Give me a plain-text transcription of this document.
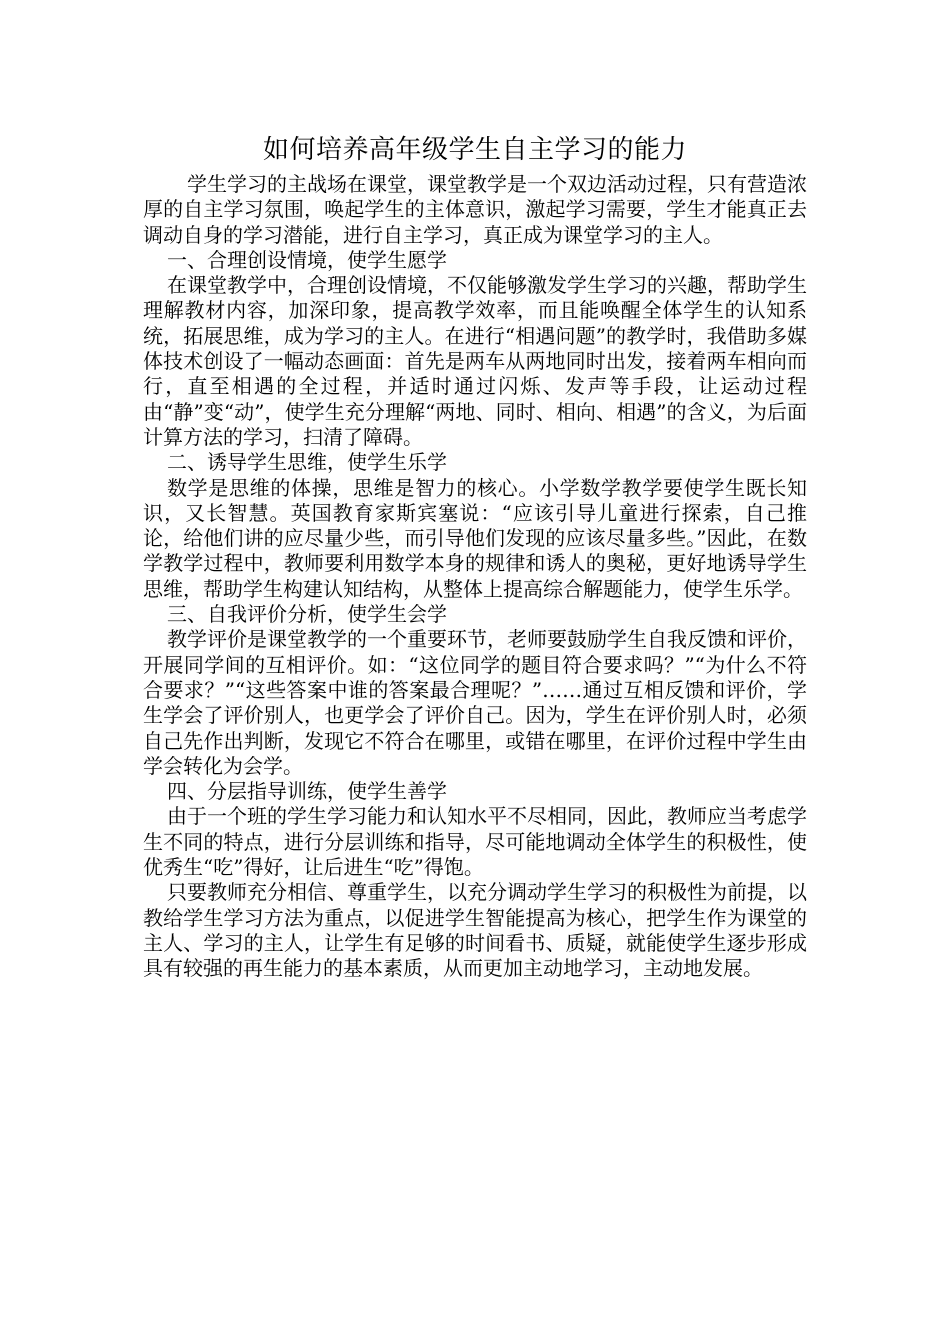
如何培养高年级学生自主学习的能力

学生学习的主战场在课堂，课堂教学是一个双边活动过程，只有营造浓厚的自主学习氛围，唤起学生的主体意识，激起学习需要，学生才能真正去调动自身的学习潜能，进行自主学习，真正成为课堂学习的主人。

一、合理创设情境，使学生愿学

在课堂教学中，合理创设情境，不仅能够激发学生学习的兴趣，帮助学生理解教材内容，加深印象，提高教学效率，而且能唤醒全体学生的认知系统，拓展思维，成为学习的主人。在进行“相遇问题”的教学时，我借助多媒体技术创设了一幅动态画面：首先是两车从两地同时出发，接着两车相向而行，直至相遇的全过程，并适时通过闪烁、发声等手段，让运动过程由“静”变“动”，使学生充分理解“两地、同时、相向、相遇”的含义，为后面计算方法的学习，扫清了障碍。

二、诱导学生思维，使学生乐学

数学是思维的体操，思维是智力的核心。小学数学教学要使学生既长知识，又长智慧。英国教育家斯宾塞说：“应该引导儿童进行探索，自己推论，给他们讲的应尽量少些，而引导他们发现的应该尽量多些。”因此，在数学教学过程中，教师要利用数学本身的规律和诱人的奥秘，更好地诱导学生思维，帮助学生构建认知结构，从整体上提高综合解题能力，使学生乐学。

三、自我评价分析，使学生会学

教学评价是课堂教学的一个重要环节，老师要鼓励学生自我反馈和评价，开展同学间的互相评价。如：“这位同学的题目符合要求吗？”“为什么不符合要求？”“这些答案中谁的答案最合理呢？”……通过互相反馈和评价，学生学会了评价别人，也更学会了评价自己。因为，学生在评价别人时，必须自己先作出判断，发现它不符合在哪里，或错在哪里，在评价过程中学生由学会转化为会学。

四、分层指导训练，使学生善学

由于一个班的学生学习能力和认知水平不尽相同，因此，教师应当考虑学生不同的特点，进行分层训练和指导，尽可能地调动全体学生的积极性，使优秀生“吃”得好，让后进生“吃”得饱。

只要教师充分相信、尊重学生，以充分调动学生学习的积极性为前提，以教给学生学习方法为重点，以促进学生智能提高为核心，把学生作为课堂的主人、学习的主人，让学生有足够的时间看书、质疑，就能使学生逐步形成具有较强的再生能力的基本素质，从而更加主动地学习，主动地发展。
